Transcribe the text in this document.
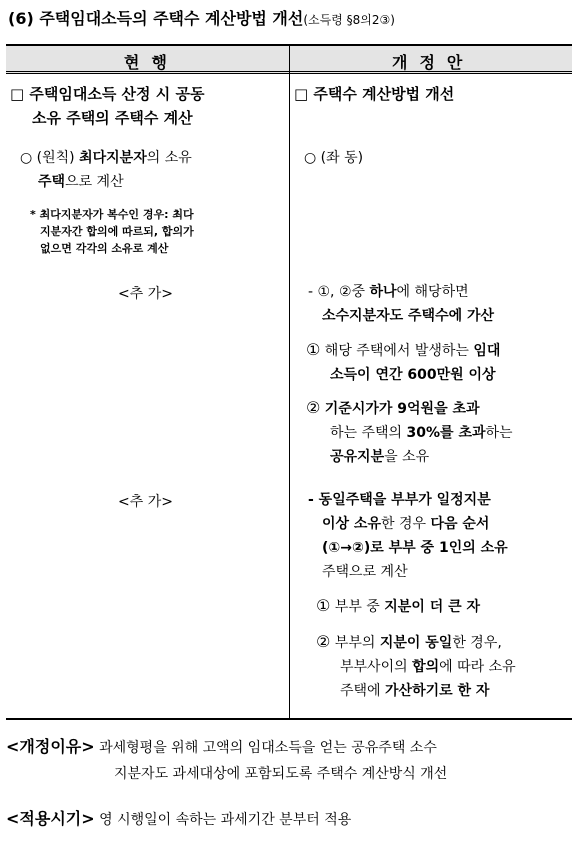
(6) 주택임대소득의 주택수 계산방법 개선(소득령 §8의2③)
현행	개정안
□ 주택임대소득 산정 시 공동
소유 주택의 주택수 계산
○ (원칙) 최다지분자의 소유
주택으로 계산
* 최다지분자가 복수인 경우: 최다
지분자간 합의에 따르되, 합의가
없으면 각각의 소유로 계산
<추 가>
<추 가>
□ 주택수 계산방법 개선
○ (좌 동)
- ①, ②중 하나에 해당하면
소수지분자도 주택수에 가산
① 해당 주택에서 발생하는 임대
소득이 연간 600만원 이상
② 기준시가가 9억원을 초과
하는 주택의 30%를 초과하는
공유지분을 소유
- 동일주택을 부부가 일정지분
이상 소유한 경우 다음 순서
(①→②)로 부부 중 1인의 소유
주택으로 계산
① 부부 중 지분이 더 큰 자
② 부부의 지분이 동일한 경우,
부부사이의 합의에 따라 소유
주택에 가산하기로 한 자
<개정이유> 과세형평을 위해 고액의 임대소득을 얻는 공유주택 소수
지분자도 과세대상에 포함되도록 주택수 계산방식 개선
<적용시기> 영 시행일이 속하는 과세기간 분부터 적용
